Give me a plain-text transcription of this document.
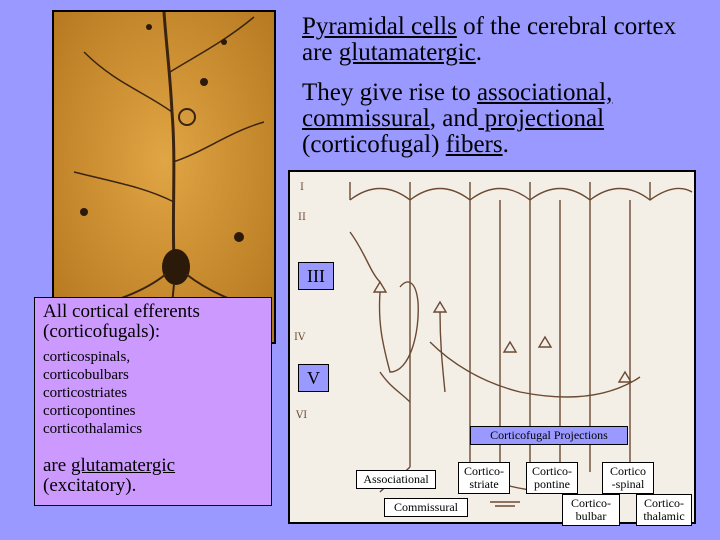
Pyramidal cells of the cerebral cortex are glutamatergic.

They give rise to associational, commissural, and projectional (corticofugal) fibers.

I
II
IV
VI
III
V
Corticofugal Projections
Associational
Commissural
Cortico-
striate
Cortico-
pontine
Cortico
-spinal
Cortico-
bulbar
Cortico-
thalamic

All cortical efferents (corticofugals):

corticospinals,
corticobulbars
corticostriates
corticopontines
corticothalamics

are glutamatergic (excitatory).
